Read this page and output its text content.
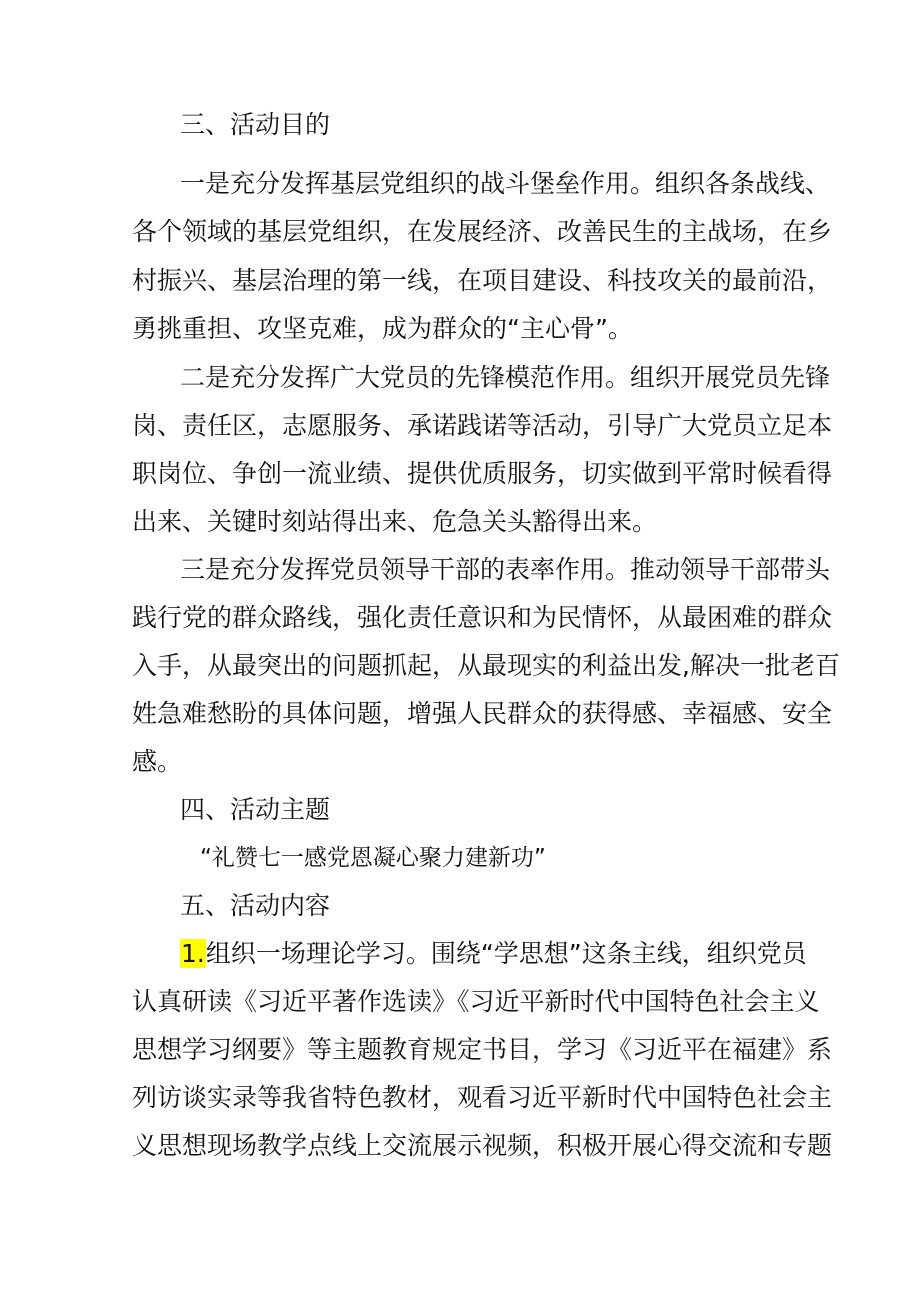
三、活动目的

一是充分发挥基层党组织的战斗堡垒作用。组织各条战线、

各个领域的基层党组织，在发展经济、改善民生的主战场，在乡

村振兴、基层治理的第一线，在项目建设、科技攻关的最前沿，

勇挑重担、攻坚克难，成为群众的“主心骨”。

二是充分发挥广大党员的先锋模范作用。组织开展党员先锋

岗、责任区，志愿服务、承诺践诺等活动，引导广大党员立足本

职岗位、争创一流业绩、提供优质服务，切实做到平常时候看得

出来、关键时刻站得出来、危急关头豁得出来。

三是充分发挥党员领导干部的表率作用。推动领导干部带头

践行党的群众路线，强化责任意识和为民情怀，从最困难的群众

入手，从最突出的问题抓起，从最现实的利益出发,解决一批老百

姓急难愁盼的具体问题，增强人民群众的获得感、幸福感、安全

感。

四、活动主题

“礼赞七一感党恩凝心聚力建新功”

五、活动内容

1.组织一场理论学习。围绕“学思想”这条主线，组织党员

认真研读《习近平著作选读》《习近平新时代中国特色社会主义

思想学习纲要》等主题教育规定书目，学习《习近平在福建》系

列访谈实录等我省特色教材，观看习近平新时代中国特色社会主

义思想现场教学点线上交流展示视频，积极开展心得交流和专题
